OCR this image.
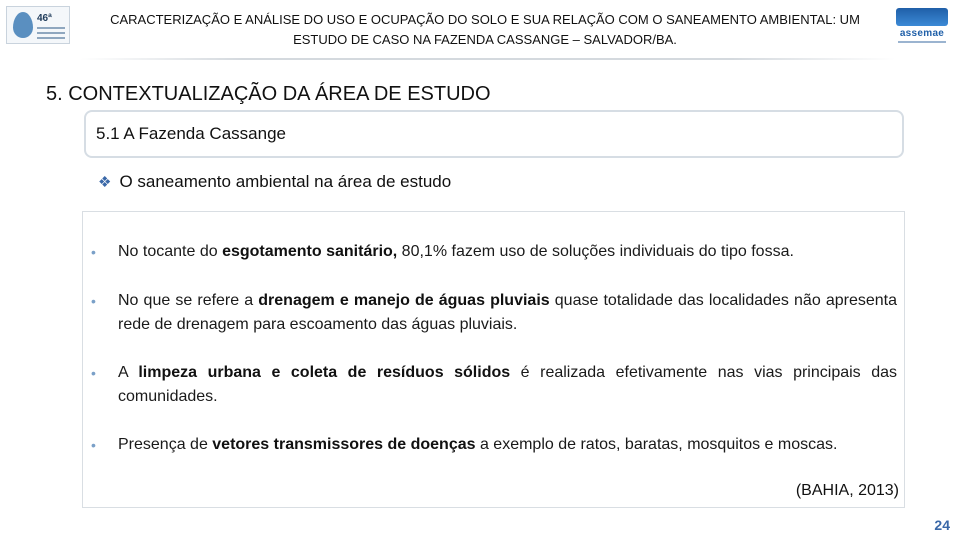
46ª	CARACTERIZAÇÃO E ANÁLISE DO USO E OCUPAÇÃO DO SOLO E SUA RELAÇÃO COM O SANEAMENTO AMBIENTAL: UM
ESTUDO DE CASO NA FAZENDA CASSANGE – SALVADOR/BA.	assemae
5. CONTEXTUALIZAÇÃO DA ÁREA DE ESTUDO
5.1 A Fazenda Cassange
❖ O saneamento ambiental na área de estudo
•	No tocante do esgotamento sanitário, 80,1% fazem uso de soluções individuais do tipo fossa.
•	No que se refere a drenagem e manejo de águas pluviais quase totalidade das localidades não apresenta rede de drenagem para escoamento das águas pluviais.
•	A limpeza urbana e coleta de resíduos sólidos é realizada efetivamente nas vias principais das comunidades.
•	Presença de vetores transmissores de doenças a exemplo de ratos, baratas, mosquitos e moscas.
(BAHIA, 2013)
24
